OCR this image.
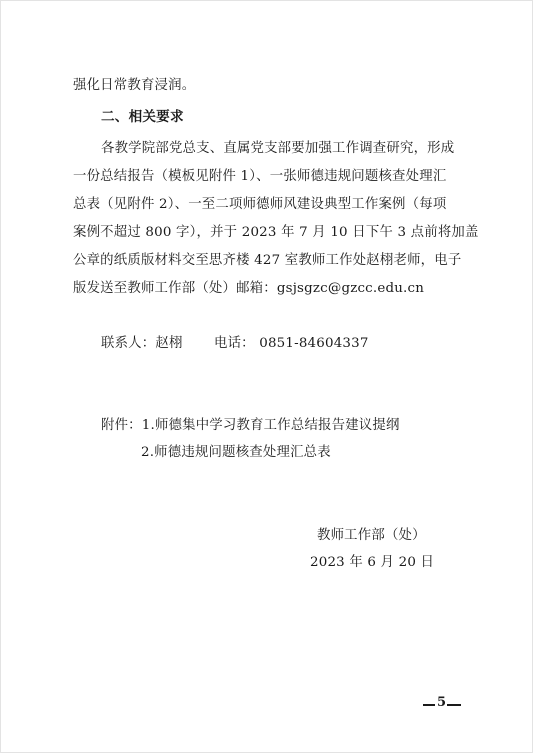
强化日常教育浸润。
二、相关要求
各教学院部党总支、直属党支部要加强工作调查研究，形成
一份总结报告（模板见附件 1）、一张师德违规问题核查处理汇
总表（见附件 2）、一至二项师德师风建设典型工作案例（每项
案例不超过 800 字），并于 2023 年 7 月 10 日下午 3 点前将加盖
公章的纸质版材料交至思齐楼 427 室教师工作处赵栩老师，电子
版发送至教师工作部（处）邮箱：gsjsgzc@gzcc.edu.cn
联系人：赵栩 电话： 0851-84604337
附件：1.师德集中学习教育工作总结报告建议提纲
2.师德违规问题核查处理汇总表
教师工作部（处）
2023 年 6 月 20 日
5
